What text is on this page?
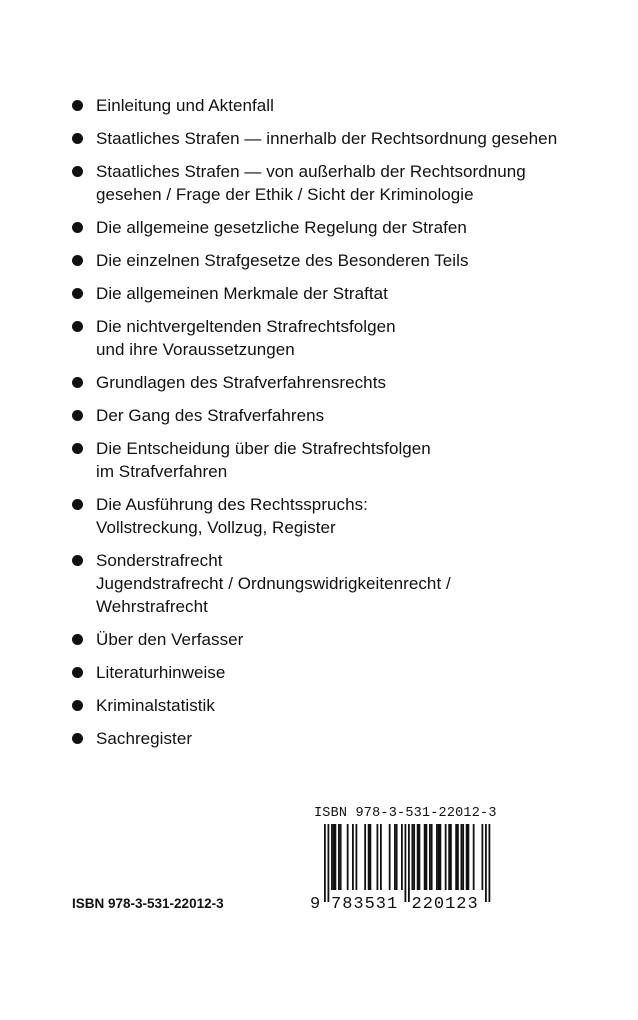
Einleitung und Aktenfall
Staatliches Strafen — innerhalb der Rechtsordnung gesehen
Staatliches Strafen — von außerhalb der Rechtsordnung
gesehen / Frage der Ethik / Sicht der Kriminologie
Die allgemeine gesetzliche Regelung der Strafen
Die einzelnen Strafgesetze des Besonderen Teils
Die allgemeinen Merkmale der Straftat
Die nichtvergeltenden Strafrechtsfolgen
und ihre Voraussetzungen
Grundlagen des Strafverfahrensrechts
Der Gang des Strafverfahrens
Die Entscheidung über die Strafrechtsfolgen
im Strafverfahren
Die Ausführung des Rechtsspruchs:
Vollstreckung, Vollzug, Register
Sonderstrafrecht
Jugendstrafrecht / Ordnungswidrigkeitenrecht /
Wehrstrafrecht
Über den Verfasser
Literaturhinweise
Kriminalstatistik
Sachregister
ISBN 978-3-531-22012-3
9 783531 220123
ISBN 978-3-531-22012-3
